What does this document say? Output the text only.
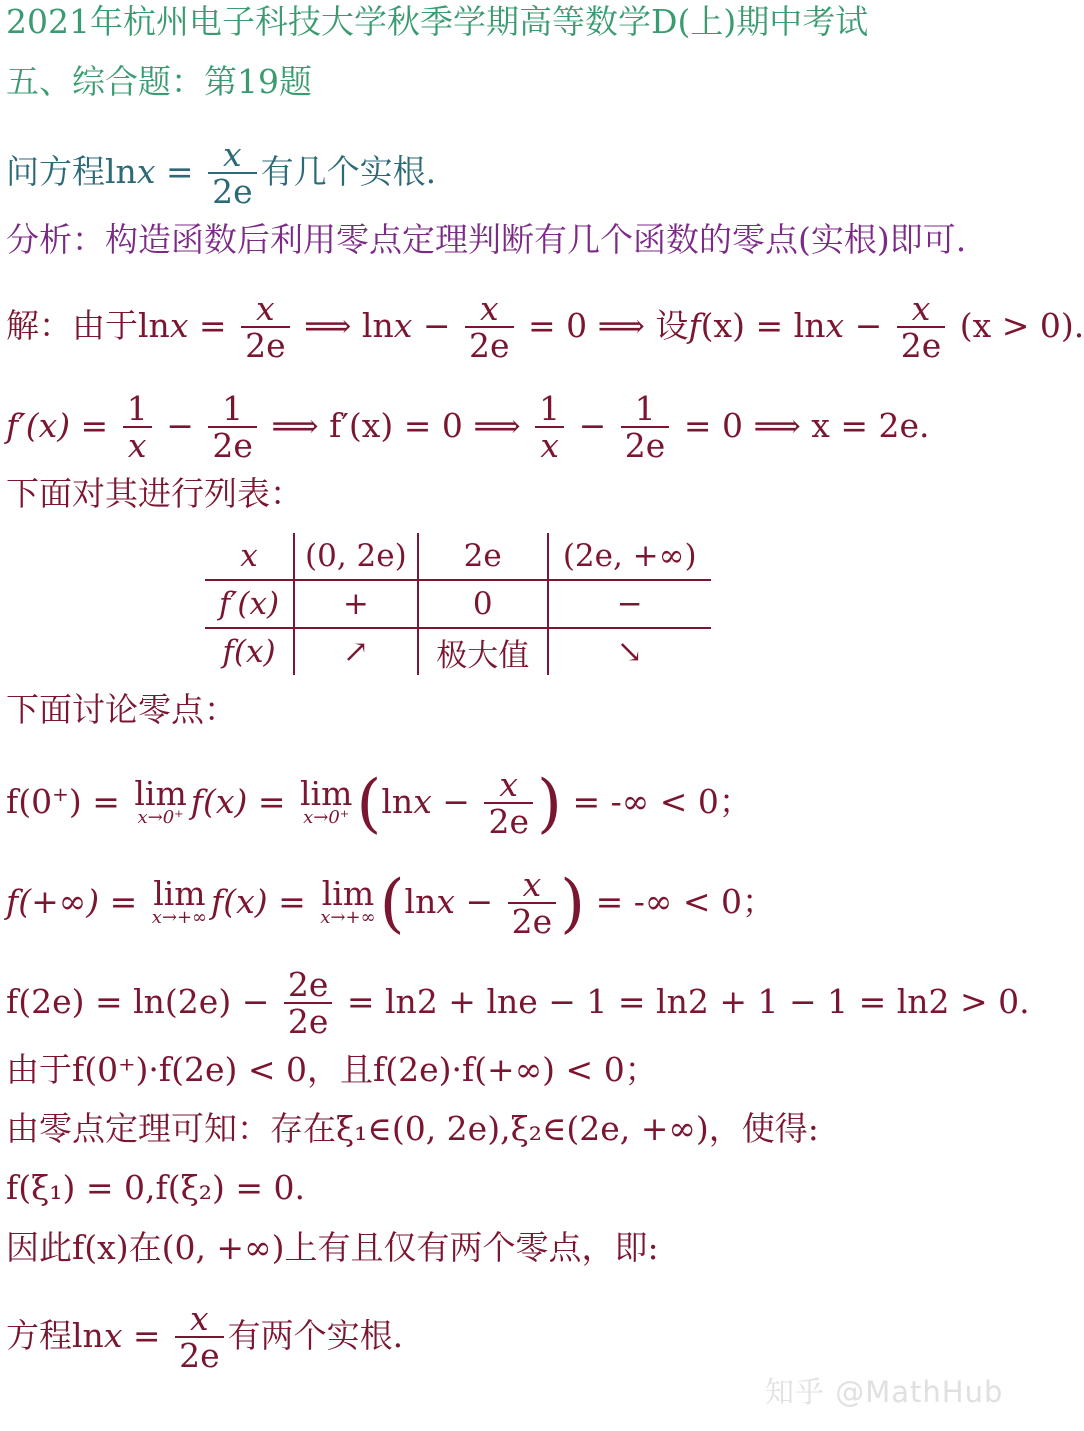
2021年杭州电子科技大学秋季学期高等数学D(上)期中考试
五、综合题：第19题
问方程$\ln x = \frac{x}{2e}$ 有几个实根.
分析：构造函数后利用零点定理判断有几个函数的零点(实根)即可.
解：由于$\ln x = \frac{x}{2e}$ ⟹ $\ln x - \frac{x}{2e} = 0$ ⟹ 设$f(x) = \ln x - \frac{x}{2e} (x > 0)$.
$f'(x) = \frac{1}{x} - \frac{1}{2e}$ ⟹ f′(x) = 0 ⟹ $\frac{1}{x} - \frac{1}{2e} = 0$ ⟹ x = 2e.
下面对其进行列表：
x	(0, 2e)	2e	(2e, +∞)
f′(x)	+	0	−
f(x)	↗	极大值	↘
下面讨论零点：
f(0+) = lim
x→0⁺ f(x) = lim
x→0⁺ ($\ln x - \frac{x}{2e}$ ) = -∞ < 0；
f(+∞) = lim
x→+∞ f(x) = lim
x→+∞ ($\ln x - \frac{x}{2e}$ ) = -∞ < 0；
$f(2e) = \ln(2e) - \frac{2e}{2e} = \ln 2 + \ln e - 1 = \ln 2 + 1 - 1 = \ln 2 > 0$.
由于f(0⁺)·f(2e) < 0，且f(2e)·f(+∞) < 0；
由零点定理可知：存在ξ₁∈(0, 2e),ξ₂∈(2e, +∞)，使得:
f(ξ₁) = 0,f(ξ₂) = 0.
因此f(x)在(0, +∞)上有且仅有两个零点，即:
方程$\ln x = \frac{x}{2e}$ 有两个实根.
知乎 @MathHub
